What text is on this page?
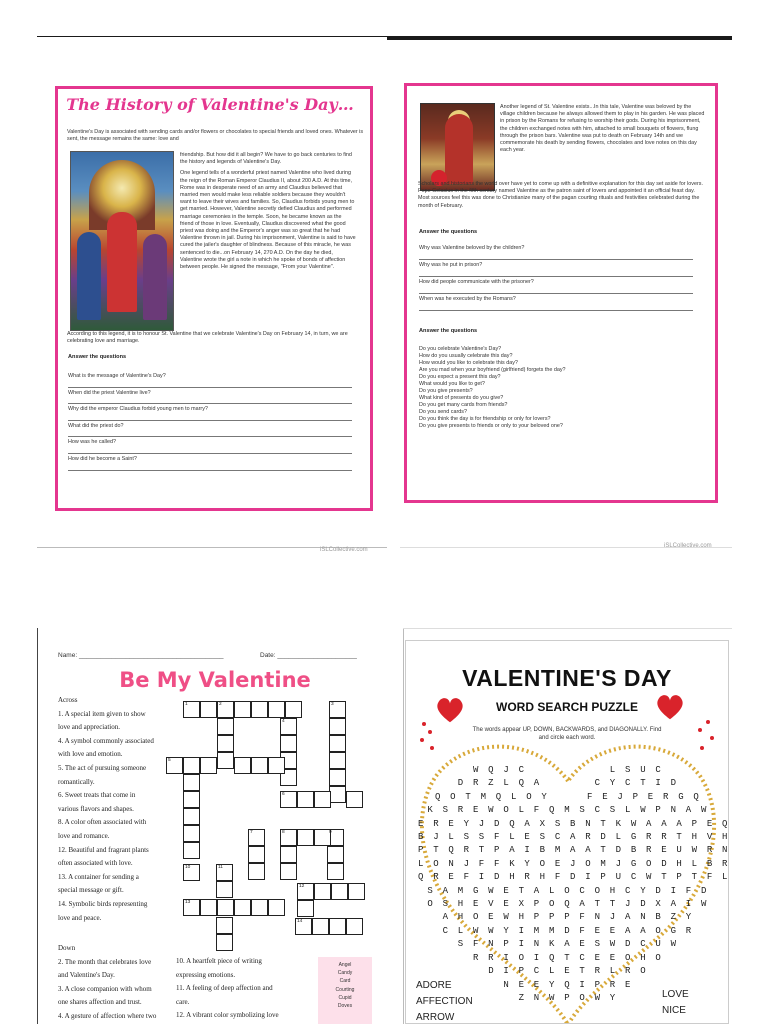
The History of Valentine's Day…

Valentine's Day is associated with sending cards and/or flowers or chocolates to special friends and loved ones. Whatever is sent, the message remains the same: love and

friendship. But how did it all begin? We have to go back centuries to find the history and legends of Valentine's Day.

One legend tells of a wonderful priest named Valentine who lived during the reign of the Roman Emperor Claudius II, about 200 A.D. At this time, Rome was in desperate need of an army and Claudius believed that married men would make less reliable soldiers because they wouldn't want to leave their wives and families. So, Claudius forbids young men to get married. However, Valentine secretly defied Claudius and performed marriage ceremonies in the temple. Soon, he became known as the friend of those in love. Eventually, Claudius discovered what the good priest was doing and the Emperor's anger was so great that he had Valentine thrown in jail. During his imprisonment, Valentine is said to have cured the jailer's daughter of blindness. Because of this miracle, he was sentenced to die...on February 14, 270 A.D. On the day he died, Valentine wrote the girl a note in which he spoke of bonds of affection between people. He signed the message, "From your Valentine".

According to this legend, it is to honour St. Valentine that we celebrate Valentine's Day on February 14, in turn, we are celebrating love and marriage.

Answer the questions

What is the message of Valentine's Day?

When did the priest Valentine live?

Why did the emperor Claudius forbid young men to marry?

What did the priest do?

How was he called?

How did he become a Saint?

iSLCollective.com

Another legend of St. Valentine exists...In this tale, Valentine was beloved by the village children because he always allowed them to play in his garden. He was placed in prison by the Romans for refusing to worship their gods. During his imprisonment, the children exchanged notes with him, attached to small bouquets of flowers, flung through the prison bars. Valentine was put to death on February 14th and we commemorate his death by sending flowers, chocolates and love notes on this day each year.

Scholars and historians the world over have yet to come up with a definitive explanation for this day set aside for lovers. Pope Gelasius in the fifth century named Valentine as the patron saint of lovers and appointed it an official feast day. Most sources feel this was done to Christianize many of the pagan courting rituals and festivities celebrated during the month of February.

Answer the questions

Why was Valentine beloved by the children?

Why was he put in prison?

How did people communicate with the prisoner?

When was he executed by the Romans?

Answer the questions

Do you celebrate Valentine's Day?
How do you usually celebrate this day?
How would you like to celebrate this day?
Are you mad when your boyfriend (girlfriend) forgets the day?
Do you expect a present this day?
What would you like to get?
Do you give presents?
What kind of presents do you give?
Do you get many cards from friends?
Do you send cards?
Do you think the day is for friendship or only for lovers?
Do you give presents to friends or only to your beloved one?
iSLCollective.com
Name: ________________________________________	Date: ______________________
Be My Valentine
Across
1. A special item given to show
love and appreciation.
4. A symbol commonly associated
with love and emotion.
5. The act of pursuing someone
romantically.
6. Sweet treats that come in
various flavors and shapes.
8. A color often associated with
love and romance.
12. Beautiful and fragrant plants
often associated with love.
13. A container for sending a
special message or gift.
14. Symbolic birds representing
love and peace.
Down
2. The month that celebrates love
and Valentine's Day.
3. A close companion with whom
one shares affection and trust.
4. A gesture of affection where two
10. A heartfelt piece of writing
expressing emotions.
11. A feeling of deep affection and
care.
12. A vibrant color symbolizing love
1	2	3
4
5
6
7	8	9
10	11
12
13
14
Angel
Candy
Card
Courting
Cupid
Doves
VALENTINE'S DAY
WORD SEARCH PUZZLE

The words appear UP, DOWN, BACKWARDS, and DIAGONALLY. Find and circle each word.

W Q J C           L S U C
D R Z L Q A       C Y C T I D
Q O T M Q L O Y     F E J P E R G Q
K S R E W O L F Q M S C S L W P N A W
E R E Y J D Q A X S B N T K W A A A P E Q
B J L S S F L E S C A R D L G R R T H V H
P T Q R T P A I B M A A T D B R E U W R N
L O N J F F K Y O E J O M J G O D H L B R
Q R E F I D H R H F D I P U C W T P T F L
S A M G W E T A L O C O H C Y D I F D
O S H E V E X P O Q A T T J D X A I W
A H O E W H P P P F N J A N B Z Y
C L W W Y I M M D F E E A A O G R
S F N P I N K A E S W D C U W
R R I O I Q T C E E O H O
D I P C L E T R L R O
N E E Y Q I P R E
Z N W P O W Y
ADORE
AFFECTION
ARROW
LOVE
NICE
